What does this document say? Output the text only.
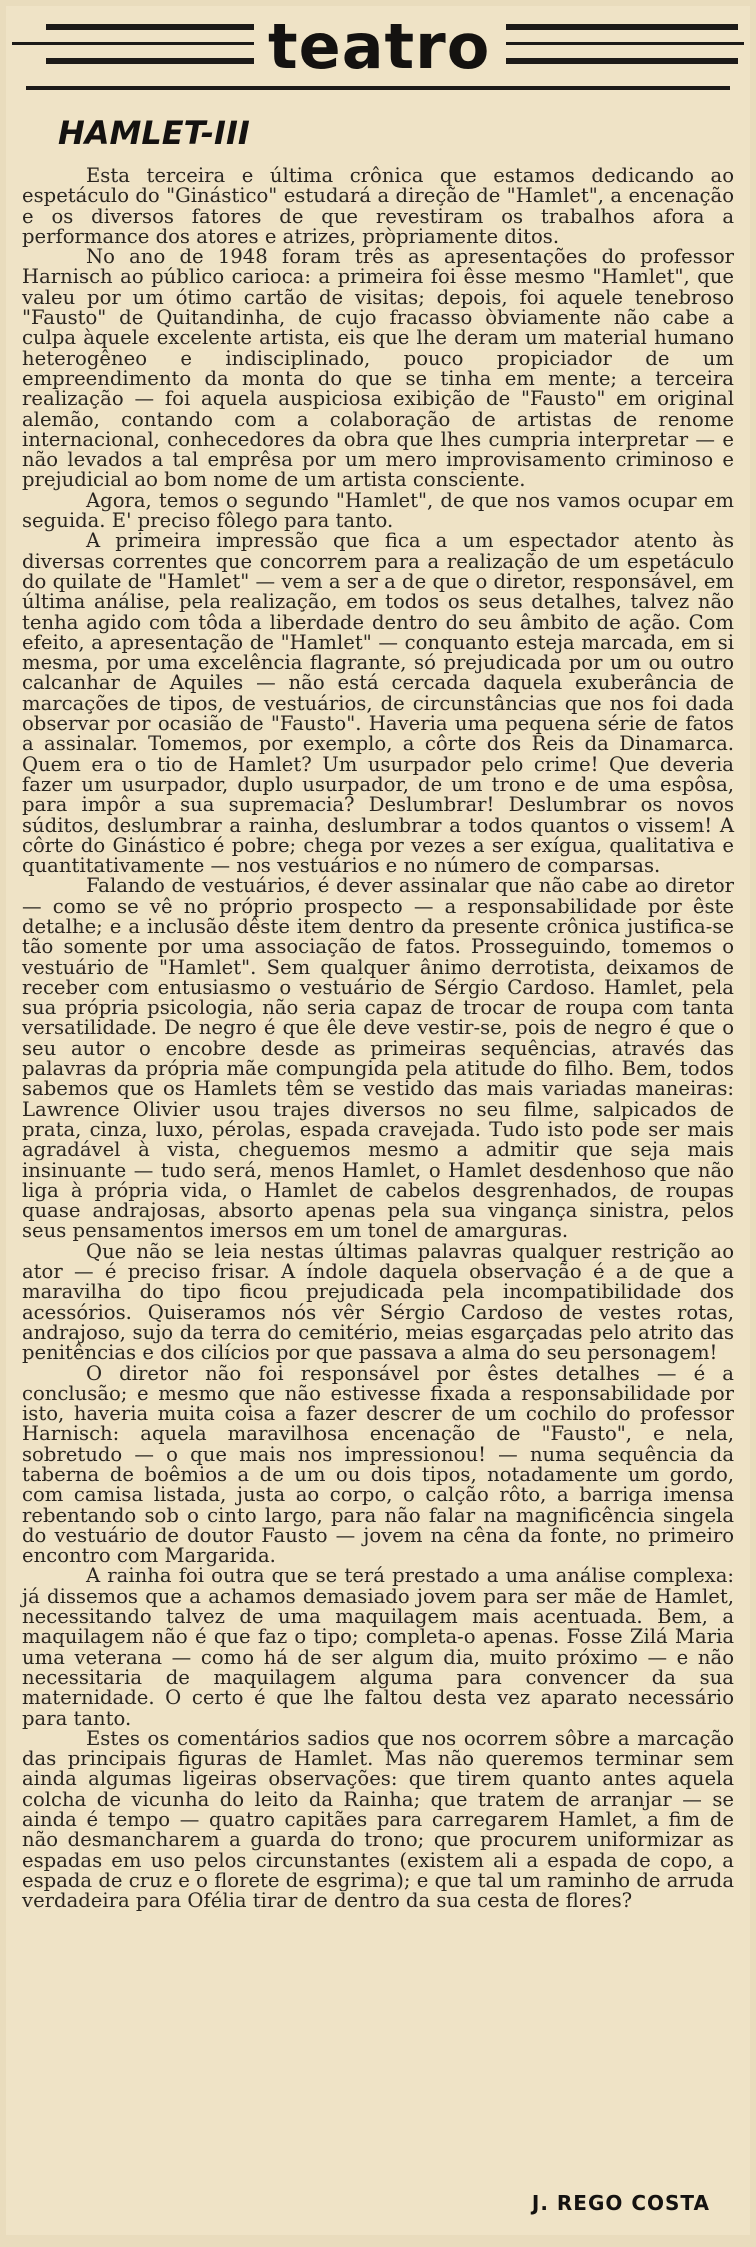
teatro
HAMLET-III

Esta terceira e última crônica que estamos dedicando ao espetáculo do "Ginástico" estudará a direção de "Hamlet", a encenação e os diversos fatores de que revestiram os trabalhos afora a performance dos atores e atrizes, pròpriamente ditos.

No ano de 1948 foram três as apresentações do professor Harnisch ao público carioca: a primeira foi êsse mesmo "Hamlet", que valeu por um ótimo cartão de visitas; depois, foi aquele tenebroso "Fausto" de Quitandinha, de cujo fracasso òbviamente não cabe a culpa àquele excelente artista, eis que lhe deram um material humano heterogêneo e indisciplinado, pouco propiciador de um empreendimento da monta do que se tinha em mente; a terceira realização — foi aquela auspiciosa exibição de "Fausto" em original alemão, contando com a colaboração de artistas de renome internacional, conhecedores da obra que lhes cumpria interpretar — e não levados a tal emprêsa por um mero improvisamento criminoso e prejudicial ao bom nome de um artista consciente.

Agora, temos o segundo "Hamlet", de que nos vamos ocupar em seguida. E' preciso fôlego para tanto.

A primeira impressão que fica a um espectador atento às diversas correntes que concorrem para a realização de um espetáculo do quilate de "Hamlet" — vem a ser a de que o diretor, responsável, em última análise, pela realização, em todos os seus detalhes, talvez não tenha agido com tôda a liberdade dentro do seu âmbito de ação. Com efeito, a apresentação de "Hamlet" — conquanto esteja marcada, em si mesma, por uma excelência flagrante, só prejudicada por um ou outro calcanhar de Aquiles — não está cercada daquela exuberância de marcações de tipos, de vestuários, de circunstâncias que nos foi dada observar por ocasião de "Fausto". Haveria uma pequena série de fatos a assinalar. Tomemos, por exemplo, a côrte dos Reis da Dinamarca. Quem era o tio de Hamlet? Um usurpador pelo crime! Que deveria fazer um usurpador, duplo usurpador, de um trono e de uma espôsa, para impôr a sua supremacia? Deslumbrar! Deslumbrar os novos súditos, deslumbrar a rainha, deslumbrar a todos quantos o vissem! A côrte do Ginástico é pobre; chega por vezes a ser exígua, qualitativa e quantitativamente — nos vestuários e no número de comparsas.

Falando de vestuários, é dever assinalar que não cabe ao diretor — como se vê no próprio prospecto — a responsabilidade por êste detalhe; e a inclusão dêste item dentro da presente crônica justifica-se tão somente por uma associação de fatos. Prosseguindo, tomemos o vestuário de "Hamlet". Sem qualquer ânimo derrotista, deixamos de receber com entusiasmo o vestuário de Sérgio Cardoso. Hamlet, pela sua própria psicologia, não seria capaz de trocar de roupa com tanta versatilidade. De negro é que êle deve vestir-se, pois de negro é que o seu autor o encobre desde as primeiras sequências, através das palavras da própria mãe compungida pela atitude do filho. Bem, todos sabemos que os Hamlets têm se vestido das mais variadas maneiras: Lawrence Olivier usou trajes diversos no seu filme, salpicados de prata, cinza, luxo, pérolas, espada cravejada. Tudo isto pode ser mais agradável à vista, cheguemos mesmo a admitir que seja mais insinuante — tudo será, menos Hamlet, o Hamlet desdenhoso que não liga à própria vida, o Hamlet de cabelos desgrenhados, de roupas quase andrajosas, absorto apenas pela sua vingança sinistra, pelos seus pensamentos imersos em um tonel de amarguras.

Que não se leia nestas últimas palavras qualquer restrição ao ator — é preciso frisar. A índole daquela observação é a de que a maravilha do tipo ficou prejudicada pela incompatibilidade dos acessórios. Quiseramos nós vêr Sérgio Cardoso de vestes rotas, andrajoso, sujo da terra do cemitério, meias esgarçadas pelo atrito das penitências e dos cilícios por que passava a alma do seu personagem!

O diretor não foi responsável por êstes detalhes — é a conclusão; e mesmo que não estivesse fixada a responsabilidade por isto, haveria muita coisa a fazer descrer de um cochilo do professor Harnisch: aquela maravilhosa encenação de "Fausto", e nela, sobretudo — o que mais nos impressionou! — numa sequência da taberna de boêmios a de um ou dois tipos, notadamente um gordo, com camisa listada, justa ao corpo, o calção rôto, a barriga imensa rebentando sob o cinto largo, para não falar na magnificência singela do vestuário de doutor Fausto — jovem na cêna da fonte, no primeiro encontro com Margarida.

A rainha foi outra que se terá prestado a uma análise complexa: já dissemos que a achamos demasiado jovem para ser mãe de Hamlet, necessitando talvez de uma maquilagem mais acentuada. Bem, a maquilagem não é que faz o tipo; completa-o apenas. Fosse Zilá Maria uma veterana — como há de ser algum dia, muito próximo — e não necessitaria de maquilagem alguma para convencer da sua maternidade. O certo é que lhe faltou desta vez aparato necessário para tanto.

Estes os comentários sadios que nos ocorrem sôbre a marcação das principais figuras de Hamlet. Mas não queremos terminar sem ainda algumas ligeiras observações: que tirem quanto antes aquela colcha de vicunha do leito da Rainha; que tratem de arranjar — se ainda é tempo — quatro capitães para carregarem Hamlet, a fim de não desmancharem a guarda do trono; que procurem uniformizar as espadas em uso pelos circunstantes (existem ali a espada de copo, a espada de cruz e o florete de esgrima); e que tal um raminho de arruda verdadeira para Ofélia tirar de dentro da sua cesta de flores?

J. REGO COSTA
